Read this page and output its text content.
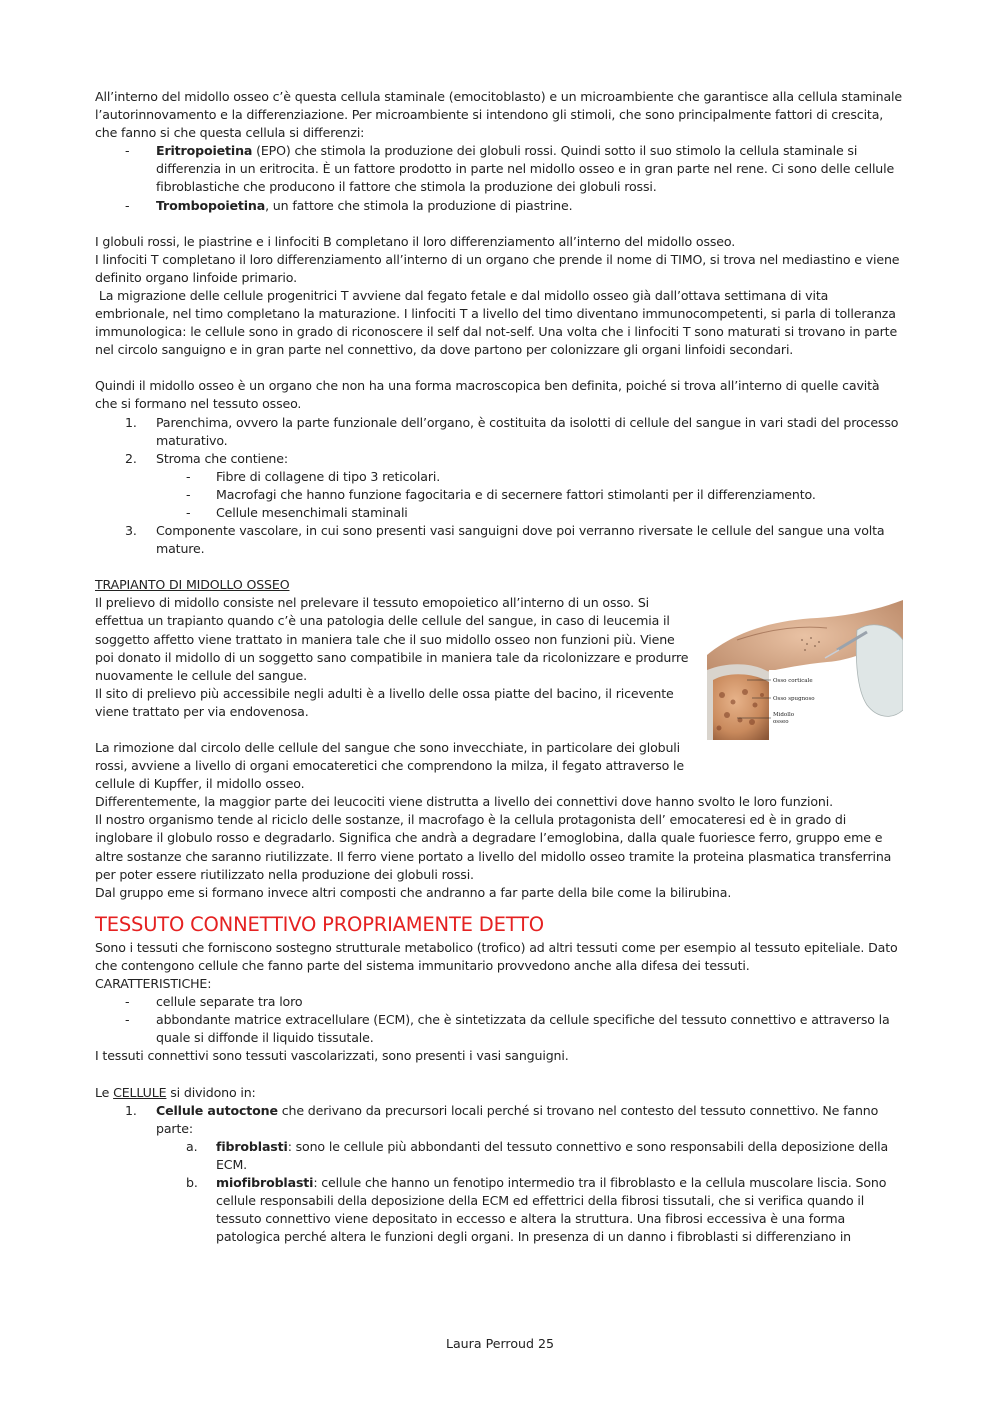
All’interno del midollo osseo c’è questa cellula staminale (emocitoblasto) e un microambiente che garantisce alla cellula staminale l’autorinnovamento e la differenziazione. Per microambiente si intendono gli stimoli, che sono principalmente fattori di crescita, che fanno si che questa cellula si differenzi:

- Eritropoietina (EPO) che stimola la produzione dei globuli rossi. Quindi sotto il suo stimolo la cellula staminale si differenzia in un eritrocita. È un fattore prodotto in parte nel midollo osseo e in gran parte nel rene. Ci sono delle cellule fibroblastiche che producono il fattore che stimola la produzione dei globuli rossi.
- Trombopoietina, un fattore che stimola la produzione di piastrine.

I globuli rossi, le piastrine e i linfociti B completano il loro differenziamento all’interno del midollo osseo.

I linfociti T completano il loro differenziamento all’interno di un organo che prende il nome di TIMO, si trova nel mediastino e viene definito organo linfoide primario.

La migrazione delle cellule progenitrici T avviene dal fegato fetale e dal midollo osseo già dall’ottava settimana di vita embrionale, nel timo completano la maturazione. I linfociti T a livello del timo diventano immunocompetenti, si parla di tolleranza immunologica: le cellule sono in grado di riconoscere il self dal not-self. Una volta che i linfociti T sono maturati si trovano in parte nel circolo sanguigno e in gran parte nel connettivo, da dove partono per colonizzare gli organi linfoidi secondari.

Quindi il midollo osseo è un organo che non ha una forma macroscopica ben definita, poiché si trova all’interno di quelle cavità che si formano nel tessuto osseo.

1. Parenchima, ovvero la parte funzionale dell’organo, è costituita da isolotti di cellule del sangue in vari stadi del processo maturativo.
2. Stroma che contiene:
- Fibre di collagene di tipo 3 reticolari.
- Macrofagi che hanno funzione fagocitaria e di secernere fattori stimolanti per il differenziamento.
- Cellule mesenchimali staminali
3. Componente vascolare, in cui sono presenti vasi sanguigni dove poi verranno riversate le cellule del sangue una volta mature.

TRAPIANTO DI MIDOLLO OSSEO

Il prelievo di midollo consiste nel prelevare il tessuto emopoietico all’interno di un osso. Si effettua un trapianto quando c’è una patologia delle cellule del sangue, in caso di leucemia il soggetto affetto viene trattato in maniera tale che il suo midollo osseo non funzioni più. Viene poi donato il midollo di un soggetto sano compatibile in maniera tale da ricolonizzare e produrre nuovamente le cellule del sangue.

Il sito di prelievo più accessibile negli adulti è a livello delle ossa piatte del bacino, il ricevente viene trattato per via endovenosa.

La rimozione dal circolo delle cellule del sangue che sono invecchiate, in particolare dei globuli rossi, avviene a livello di organi emocateretici che comprendono la milza, il fegato attraverso le cellule di Kupffer, il midollo osseo.

Differentemente, la maggior parte dei leucociti viene distrutta a livello dei connettivi dove hanno svolto le loro funzioni.

Il nostro organismo tende al riciclo delle sostanze, il macrofago è la cellula protagonista dell’ emocateresi ed è in grado di inglobare il globulo rosso e degradarlo. Significa che andrà a degradare l’emoglobina, dalla quale fuoriesce ferro, gruppo eme e altre sostanze che saranno riutilizzate. Il ferro viene portato a livello del midollo osseo tramite la proteina plasmatica transferrina per poter essere riutilizzato nella produzione dei globuli rossi.

Dal gruppo eme si formano invece altri composti che andranno a far parte della bile come la bilirubina.

TESSUTO CONNETTIVO PROPRIAMENTE DETTO

Sono i tessuti che forniscono sostegno strutturale metabolico (trofico) ad altri tessuti come per esempio al tessuto epiteliale. Dato che contengono cellule che fanno parte del sistema immunitario provvedono anche alla difesa dei tessuti.

CARATTERISTICHE:

- cellule separate tra loro
- abbondante matrice extracellulare (ECM), che è sintetizzata da cellule specifiche del tessuto connettivo e attraverso la quale si diffonde il liquido tissutale.

I tessuti connettivi sono tessuti vascolarizzati, sono presenti i vasi sanguigni.

Le CELLULE si dividono in:

1. Cellule autoctone che derivano da precursori locali perché si trovano nel contesto del tessuto connettivo. Ne fanno parte:
a. fibroblasti: sono le cellule più abbondanti del tessuto connettivo e sono responsabili della deposizione della ECM.
b. miofibroblasti: cellule che hanno un fenotipo intermedio tra il fibroblasto e la cellula muscolare liscia. Sono cellule responsabili della deposizione della ECM ed effettrici della fibrosi tissutali, che si verifica quando il tessuto connettivo viene depositato in eccesso e altera la struttura. Una fibrosi eccessiva è una forma patologica perché altera le funzioni degli organi. In presenza di un danno i fibroblasti si differenziano in
Osso corticale
Osso spugnoso
Midollo
osseo
Laura Perroud 25
